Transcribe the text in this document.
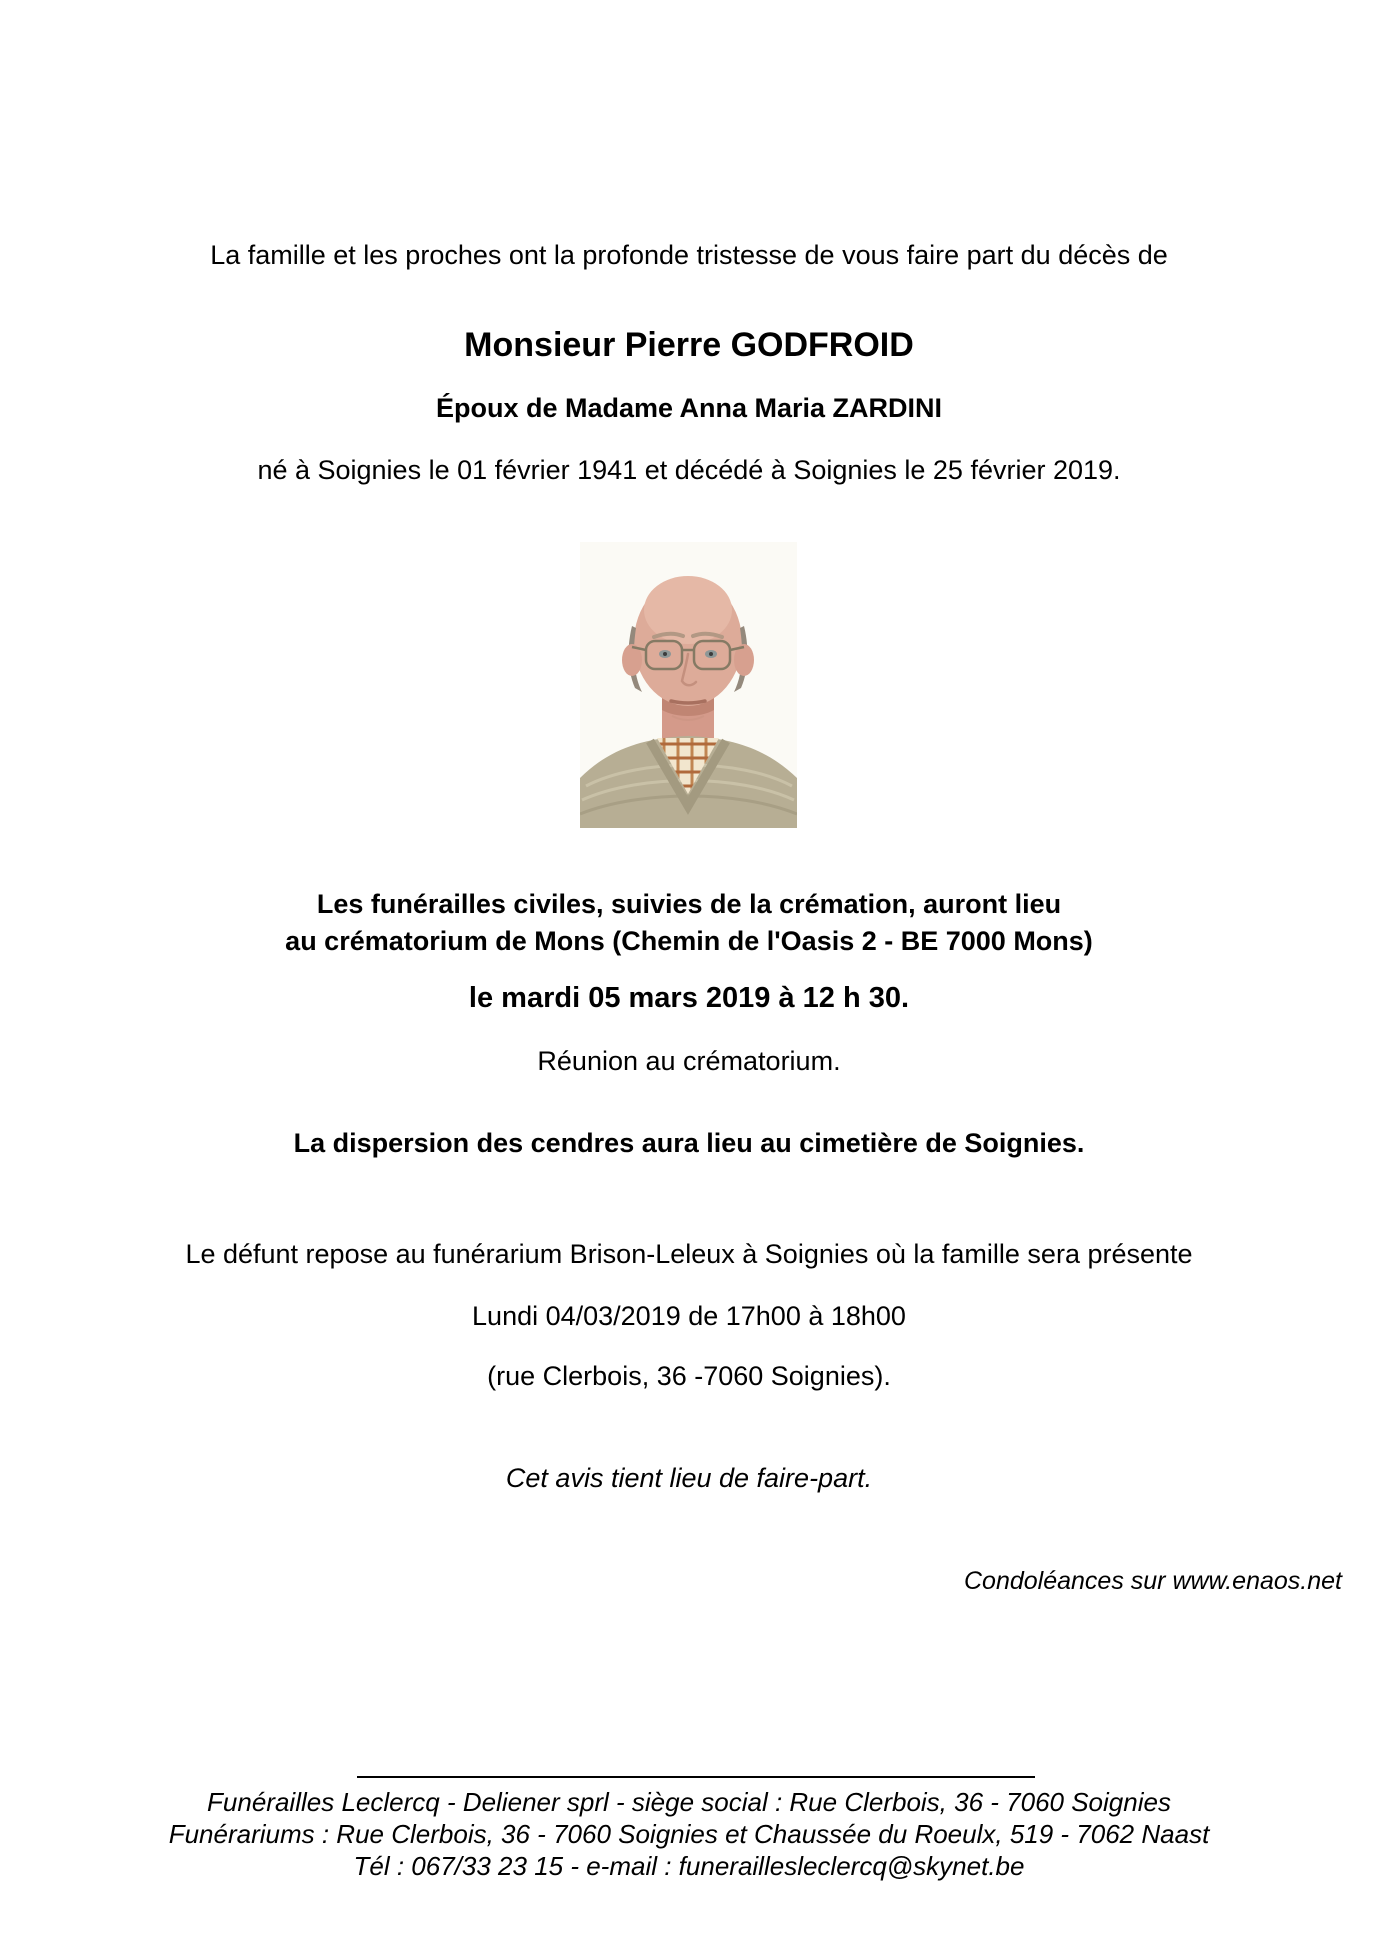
La famille et les proches ont la profonde tristesse de vous faire part du décès de
Monsieur Pierre GODFROID
Époux de Madame Anna Maria ZARDINI
né à Soignies le 01 février 1941 et décédé à Soignies le 25 février 2019.
Les funérailles civiles, suivies de la crémation, auront lieu
au crématorium de Mons (Chemin de l'Oasis 2 - BE 7000 Mons)
le mardi 05 mars 2019 à 12 h 30.
Réunion au crématorium.
La dispersion des cendres aura lieu au cimetière de Soignies.
Le défunt repose au funérarium Brison-Leleux à Soignies où la famille sera présente
Lundi 04/03/2019 de 17h00 à 18h00
(rue Clerbois, 36 -7060 Soignies).
Cet avis tient lieu de faire-part.
Condoléances sur www.enaos.net
Funérailles Leclercq - Deliener sprl - siège social : Rue Clerbois, 36 - 7060 Soignies
Funérariums : Rue Clerbois, 36 - 7060 Soignies et Chaussée du Roeulx, 519 - 7062 Naast
Tél : 067/33 23 15 - e-mail : funeraillesleclercq@skynet.be
